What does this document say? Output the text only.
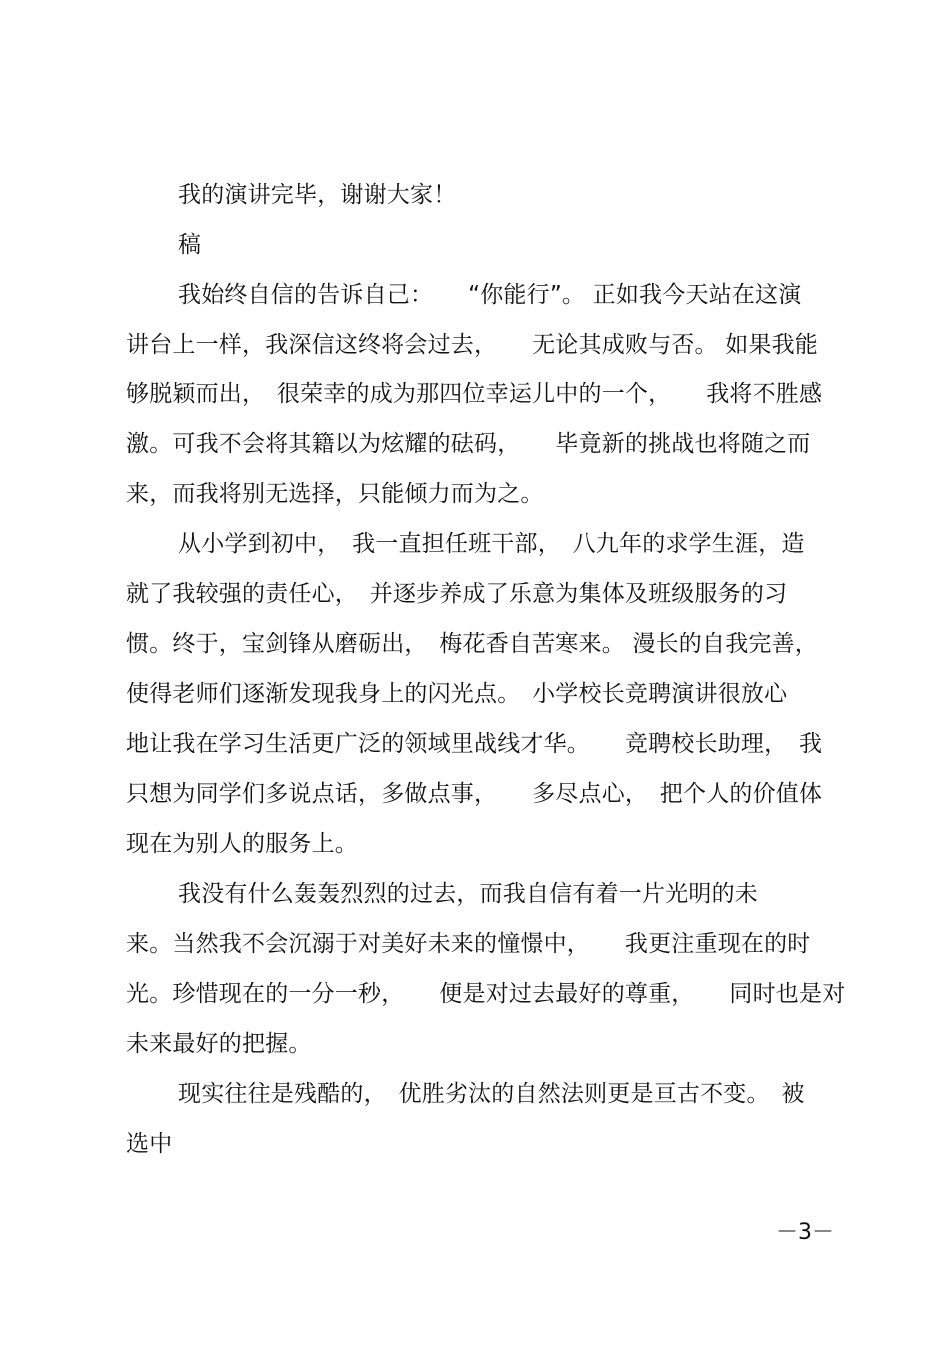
我的演讲完毕，谢谢大家！
稿
我始终自信的告诉自己：　　“你能行”。 正如我今天站在这演
讲台上一样，我深信这终将会过去，　　无论其成败与否。 如果我能
够脱颖而出，　很荣幸的成为那四位幸运儿中的一个，　　我将不胜感
激。可我不会将其籍以为炫耀的砝码，　　毕竟新的挑战也将随之而
来，而我将别无选择，只能倾力而为之。
从小学到初中，　我一直担任班干部，　八九年的求学生涯，造
就了我较强的责任心，　并逐步养成了乐意为集体及班级服务的习
惯。终于，宝剑锋从磨砺出，　梅花香自苦寒来。 漫长的自我完善，
使得老师们逐渐发现我身上的闪光点。　小学校长竞聘演讲很放心
地让我在学习生活更广泛的领域里战线才华。　　竞聘校长助理，　我
只想为同学们多说点话，多做点事，　　多尽点心，　把个人的价值体
现在为别人的服务上。
我没有什么轰轰烈烈的过去，而我自信有着一片光明的未
来。当然我不会沉溺于对美好未来的憧憬中，　　我更注重现在的时
光。珍惜现在的一分一秒，　　便是对过去最好的尊重，　　同时也是对
未来最好的把握。
现实往往是残酷的，　优胜劣汰的自然法则更是亘古不变。　被
选中
－3－
